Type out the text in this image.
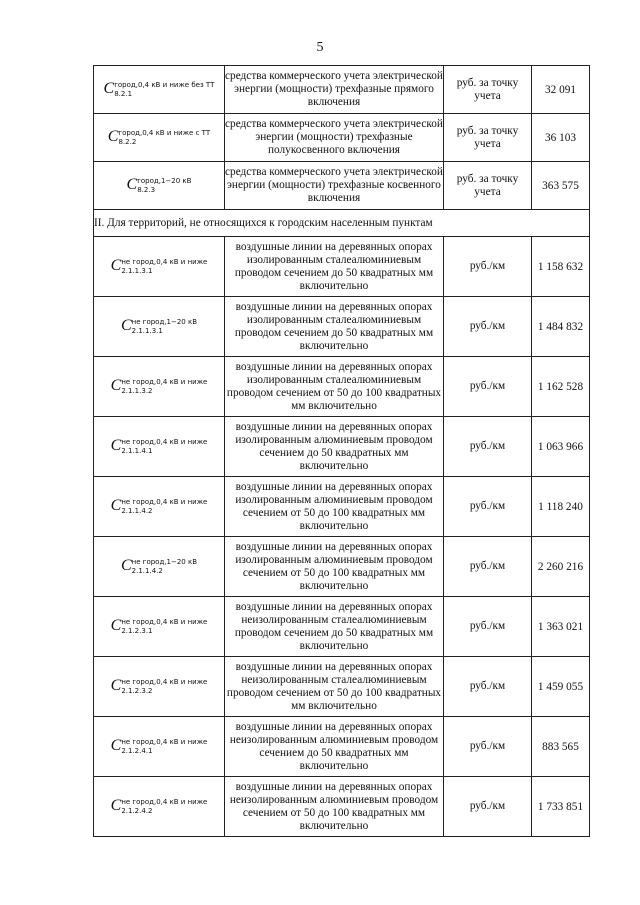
5
C город,0,4 кВ и ниже без ТТ
8.2.1	средства коммерческого учета электрической энергии (мощности) трехфазные прямого включения	руб. за точку учета	32 091
C город,0,4 кВ и ниже с ТТ
8.2.2	средства коммерческого учета электрической энергии (мощности) трехфазные полукосвенного включения	руб. за точку учета	36 103
C город,1−20 кВ
8.2.3	средства коммерческого учета электрической энергии (мощности) трехфазные косвенного включения	руб. за точку учета	363 575
II. Для территорий, не относящихся к городским населенным пунктам			
C не город,0,4 кВ и ниже
2.1.1.3.1	воздушные линии на деревянных опорах изолированным сталеалюминиевым проводом сечением до 50 квадратных мм включительно	руб./км	1 158 632
C не город,1−20 кВ
2.1.1.3.1	воздушные линии на деревянных опорах изолированным сталеалюминиевым проводом сечением до 50 квадратных мм включительно	руб./км	1 484 832
C не город,0,4 кВ и ниже
2.1.1.3.2	воздушные линии на деревянных опорах изолированным сталеалюминиевым проводом сечением от 50 до 100 квадратных мм включительно	руб./км	1 162 528
C не город,0,4 кВ и ниже
2.1.1.4.1	воздушные линии на деревянных опорах изолированным алюминиевым проводом сечением до 50 квадратных мм включительно	руб./км	1 063 966
C не город,0,4 кВ и ниже
2.1.1.4.2	воздушные линии на деревянных опорах изолированным алюминиевым проводом сечением от 50 до 100 квадратных мм включительно	руб./км	1 118 240
C не город,1−20 кВ
2.1.1.4.2	воздушные линии на деревянных опорах изолированным алюминиевым проводом сечением от 50 до 100 квадратных мм включительно	руб./км	2 260 216
C не город,0,4 кВ и ниже
2.1.2.3.1	воздушные линии на деревянных опорах неизолированным сталеалюминиевым проводом сечением до 50 квадратных мм включительно	руб./км	1 363 021
C не город,0,4 кВ и ниже
2.1.2.3.2	воздушные линии на деревянных опорах неизолированным сталеалюминиевым проводом сечением от 50 до 100 квадратных мм включительно	руб./км	1 459 055
C не город,0,4 кВ и ниже
2.1.2.4.1	воздушные линии на деревянных опорах неизолированным алюминиевым проводом сечением до 50 квадратных мм включительно	руб./км	883 565
C не город,0,4 кВ и ниже
2.1.2.4.2	воздушные линии на деревянных опорах неизолированным алюминиевым проводом сечением от 50 до 100 квадратных мм включительно	руб./км	1 733 851
